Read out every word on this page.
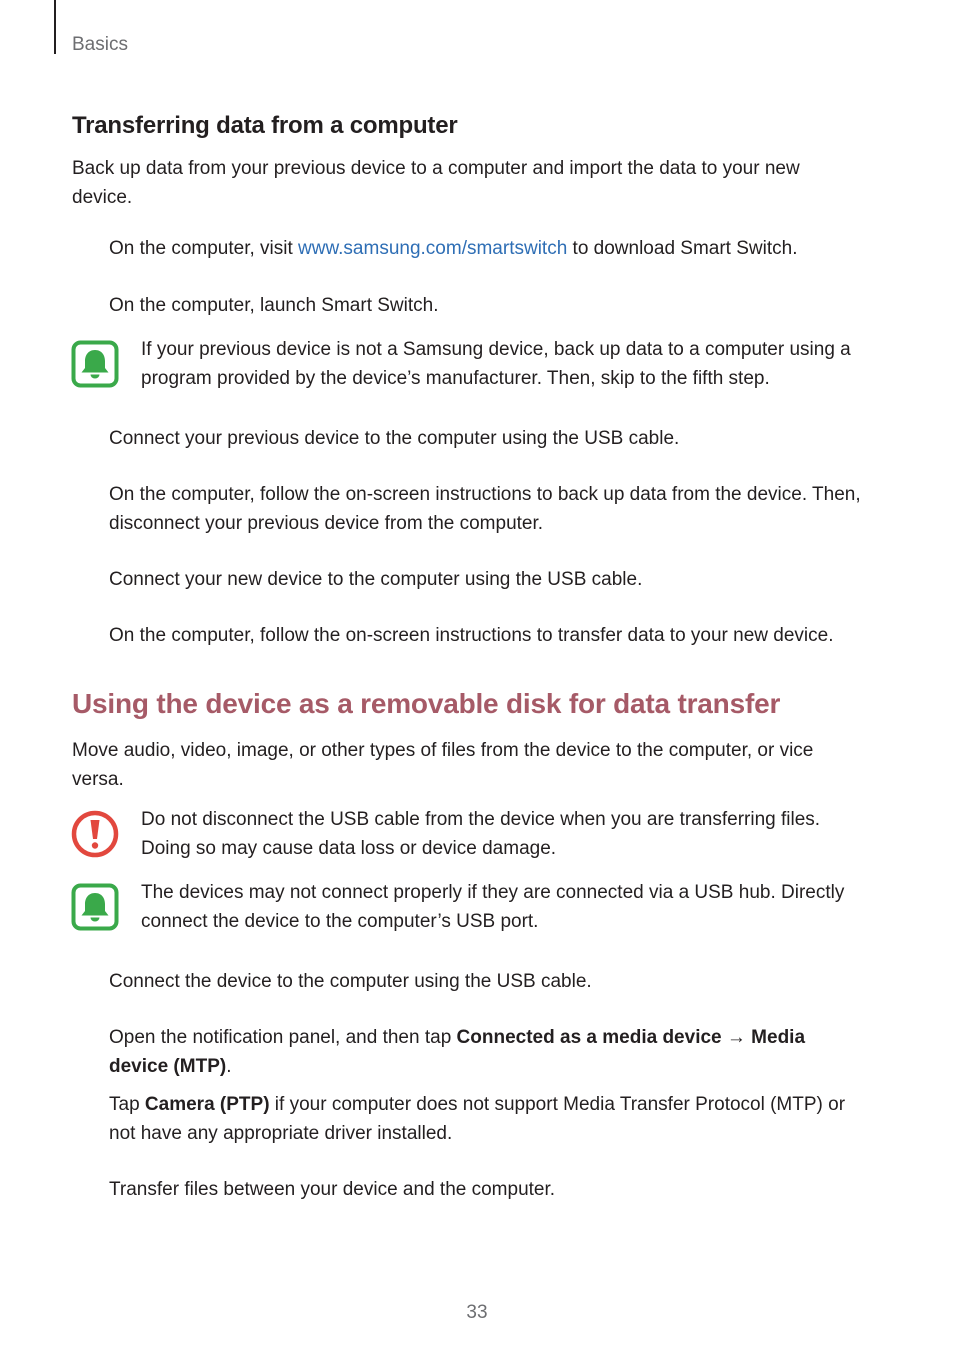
Basics
Transferring data from a computer
Back up data from your previous device to a computer and import the data to your new device.
On the computer, visit www.samsung.com/smartswitch to download Smart Switch.
On the computer, launch Smart Switch.
If your previous device is not a Samsung device, back up data to a computer using a program provided by the device’s manufacturer. Then, skip to the fifth step.
Connect your previous device to the computer using the USB cable.
On the computer, follow the on-screen instructions to back up data from the device. Then, disconnect your previous device from the computer.
Connect your new device to the computer using the USB cable.
On the computer, follow the on-screen instructions to transfer data to your new device.
Using the device as a removable disk for data transfer
Move audio, video, image, or other types of files from the device to the computer, or vice versa.
Do not disconnect the USB cable from the device when you are transferring files. Doing so may cause data loss or device damage.
The devices may not connect properly if they are connected via a USB hub. Directly connect the device to the computer’s USB port.
Connect the device to the computer using the USB cable.
Open the notification panel, and then tap Connected as a media device → Media device (MTP).
Tap Camera (PTP) if your computer does not support Media Transfer Protocol (MTP) or not have any appropriate driver installed.
Transfer files between your device and the computer.
33
